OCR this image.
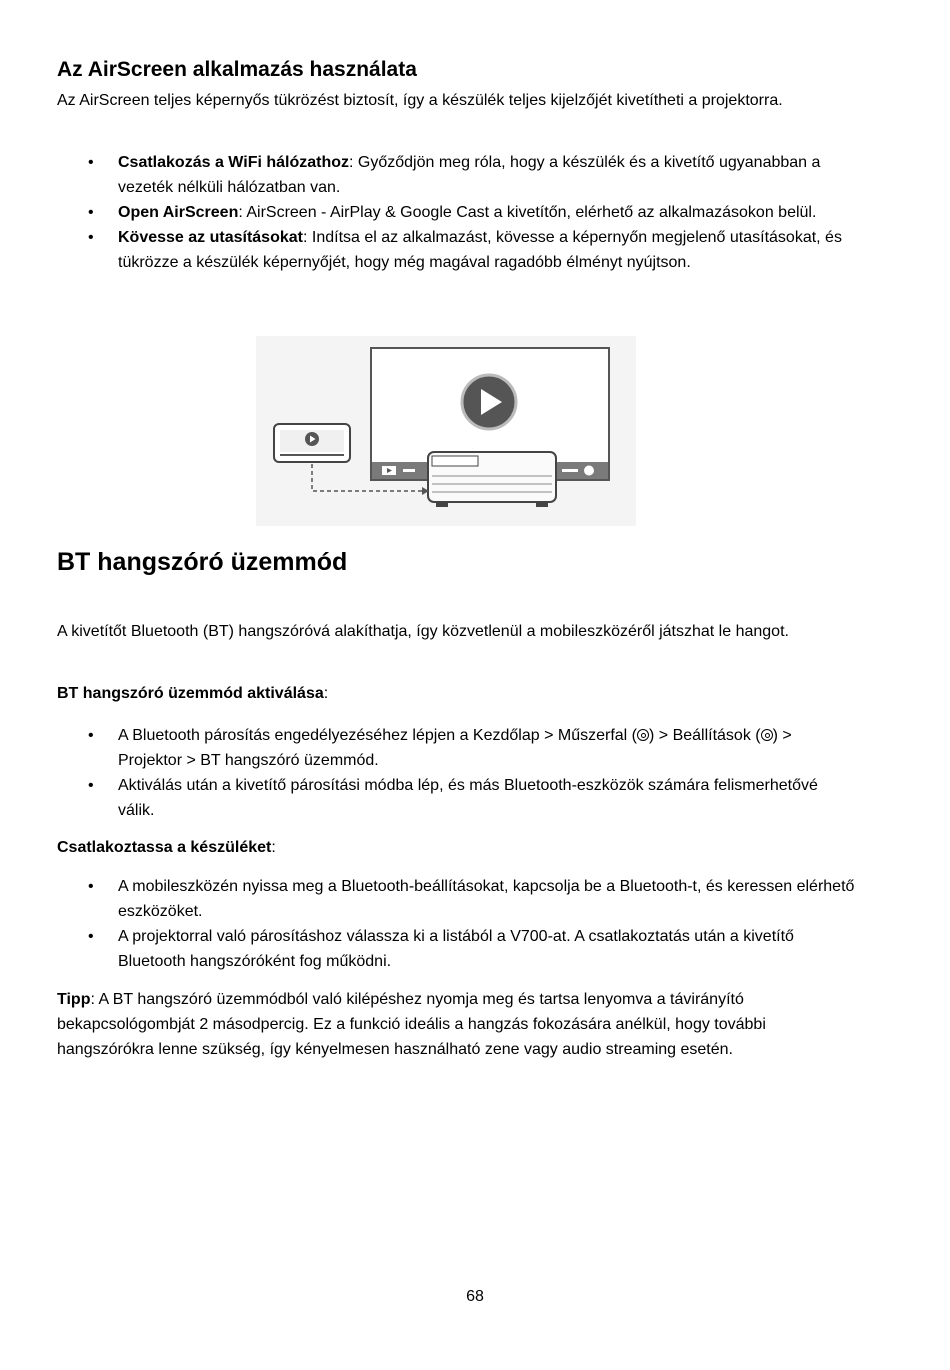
Az AirScreen alkalmazás használata

Az AirScreen teljes képernyős tükrözést biztosít, így a készülék teljes kijelzőjét kivetítheti a projektorra.

• Csatlakozás a WiFi hálózathoz: Győződjön meg róla, hogy a készülék és a kivetítő ugyanabban a vezeték nélküli hálózatban van.
• Open AirScreen: AirScreen - AirPlay & Google Cast a kivetítőn, elérhető az alkalmazásokon belül.
• Kövesse az utasításokat: Indítsa el az alkalmazást, kövesse a képernyőn megjelenő utasításokat, és tükrözze a készülék képernyőjét, hogy még magával ragadóbb élményt nyújtson.
BT hangszóró üzemmód

A kivetítőt Bluetooth (BT) hangszóróvá alakíthatja, így közvetlenül a mobileszközéről játszhat le hangot.

BT hangszóró üzemmód aktiválása:

• A Bluetooth párosítás engedélyezéséhez lépjen a Kezdőlap > Műszerfal ( ) > Beállítások ( ) > Projektor > BT hangszóró üzemmód.
• Aktiválás után a kivetítő párosítási módba lép, és más Bluetooth-eszközök számára felismerhetővé válik.

Csatlakoztassa a készüléket:

• A mobileszközén nyissa meg a Bluetooth-beállításokat, kapcsolja be a Bluetooth-t, és keressen elérhető eszközöket.
• A projektorral való párosításhoz válassza ki a listából a V700-at. A csatlakoztatás után a kivetítő Bluetooth hangszóróként fog működni.

Tipp: A BT hangszóró üzemmódból való kilépéshez nyomja meg és tartsa lenyomva a távirányító bekapcsológombját 2 másodpercig. Ez a funkció ideális a hangzás fokozására anélkül, hogy további hangszórókra lenne szükség, így kényelmesen használható zene vagy audio streaming esetén.

68
